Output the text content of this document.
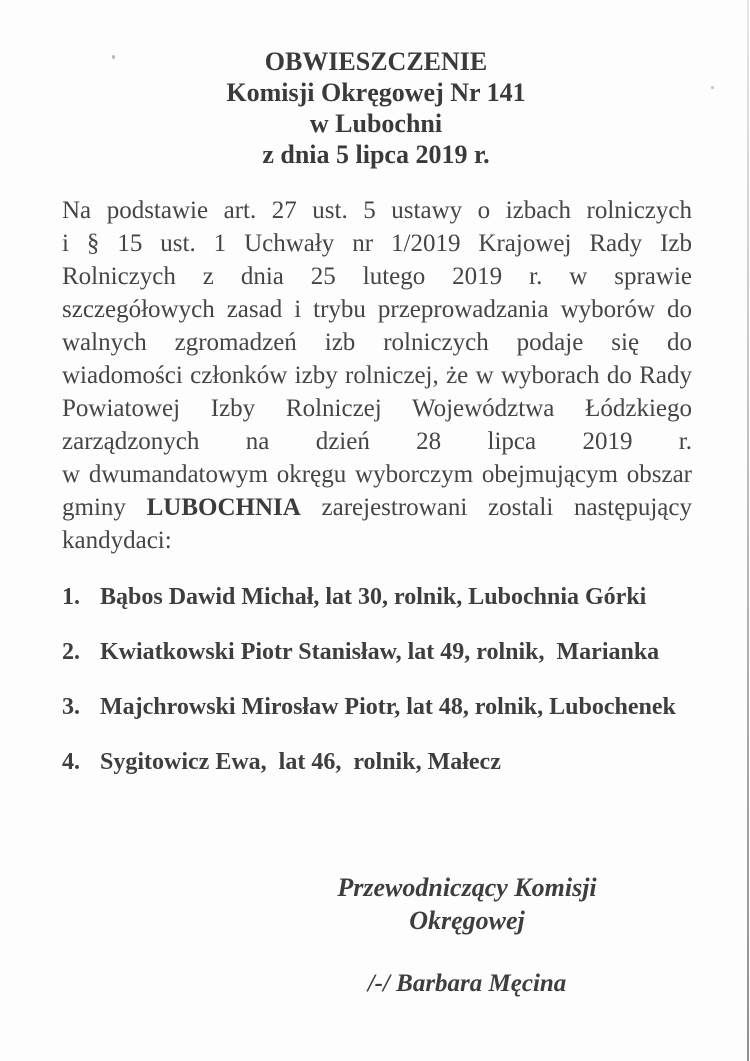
OBWIESZCZENIE
Komisji Okręgowej Nr 141
w Lubochni
z dnia 5 lipca 2019 r.
Na podstawie art. 27 ust. 5 ustawy o izbach rolniczych
i § 15 ust. 1 Uchwały nr 1/2019 Krajowej Rady Izb
Rolniczych z dnia 25 lutego 2019 r. w sprawie
szczegółowych zasad i trybu przeprowadzania wyborów do
walnych zgromadzeń izb rolniczych podaje się do
wiadomości członków izby rolniczej, że w wyborach do Rady
Powiatowej Izby Rolniczej Województwa Łódzkiego
zarządzonych na dzień 28 lipca 2019 r.
w dwumandatowym okręgu wyborczym obejmującym obszar
gminy LUBOCHNIA zarejestrowani zostali następujący
kandydaci:
1. Bąbos Dawid Michał, lat 30, rolnik, Lubochnia Górki
2. Kwiatkowski Piotr Stanisław, lat 49, rolnik,  Marianka
3. Majchrowski Mirosław Piotr, lat 48, rolnik, Lubochenek
4. Sygitowicz Ewa,  lat 46,  rolnik, Małecz
Przewodniczący Komisji Okręgowej
/-/ Barbara Męcina
